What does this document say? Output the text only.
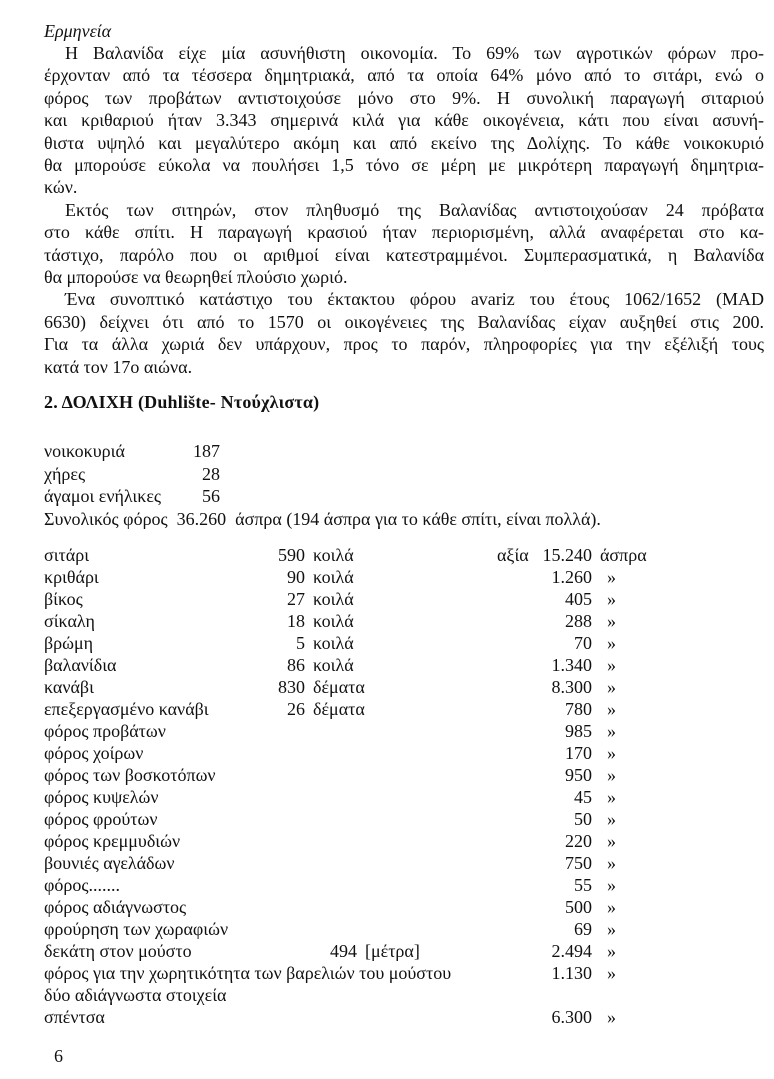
Ερμηνεία
Η Βαλανίδα είχε μία ασυνήθιστη οικονομία. Το 69% των αγροτικών φόρων προ-
έρχονταν από τα τέσσερα δημητριακά, από τα οποία 64% μόνο από το σιτάρι, ενώ ο
φόρος των προβάτων αντιστοιχούσε μόνο στο 9%. Η συνολική παραγωγή σιταριού
και κριθαριού ήταν 3.343 σημερινά κιλά για κάθε οικογένεια, κάτι που είναι ασυνή-
θιστα υψηλό και μεγαλύτερο ακόμη και από εκείνο της Δολίχης. Το κάθε νοικοκυριό
θα μπορούσε εύκολα να πουλήσει 1,5 τόνο σε μέρη με μικρότερη παραγωγή δημητρια-
κών.
Εκτός των σιτηρών, στον πληθυσμό της Βαλανίδας αντιστοιχούσαν 24 πρόβατα
στο κάθε σπίτι. Η παραγωγή κρασιού ήταν περιορισμένη, αλλά αναφέρεται στο κα-
τάστιχο, παρόλο που οι αριθμοί είναι κατεστραμμένοι. Συμπερασματικά, η Βαλανίδα
θα μπορούσε να θεωρηθεί πλούσιο χωριό.
Ένα συνοπτικό κατάστιχο του έκτακτου φόρου avariz του έτους 1062/1652 (MAD
6630) δείχνει ότι από το 1570 οι οικογένειες της Βαλανίδας είχαν αυξηθεί στις 200.
Για τα άλλα χωριά δεν υπάρχουν, προς το παρόν, πληροφορίες για την εξέλιξή τους
κατά τον 17ο αιώνα.
2. ΔΟΛΙΧΗ (Duhlište- Ντούχλιστα)
νοικοκυριά	187
χήρες	28
άγαμοι ενήλικες	56
Συνολικός φόρος  36.260  άσπρα (194 άσπρα για το κάθε σπίτι, είναι πολλά).
σιτάρι	590 κοιλά	αξία 15.240 άσπρα
κριθάρι	90 κοιλά	1.260 »
βίκος	27 κοιλά	405 »
σίκαλη	18 κοιλά	288 »
βρώμη	5 κοιλά	70 »
βαλανίδια	86 κοιλά	1.340 »
κανάβι	830 δέματα	8.300 »
επεξεργασμένο κανάβι	26 δέματα	780 »
φόρος προβάτων	985 »
φόρος χοίρων	170 »
φόρος των βοσκοτόπων	950 »
φόρος κυψελών	45 »
φόρος φρούτων	50 »
φόρος κρεμμυδιών	220 »
βουνιές αγελάδων	750 »
φόρος.......	55 »
φόρος αδιάγνωστος	500 »
φρούρηση των χωραφιών	69 »
δεκάτη στον μούστο	494 [μέτρα]	2.494 »
φόρος για την χωρητικότητα των βαρελιών του μούστου	1.130 »
δύο αδιάγνωστα στοιχεία
σπέντσα	6.300 »
6
